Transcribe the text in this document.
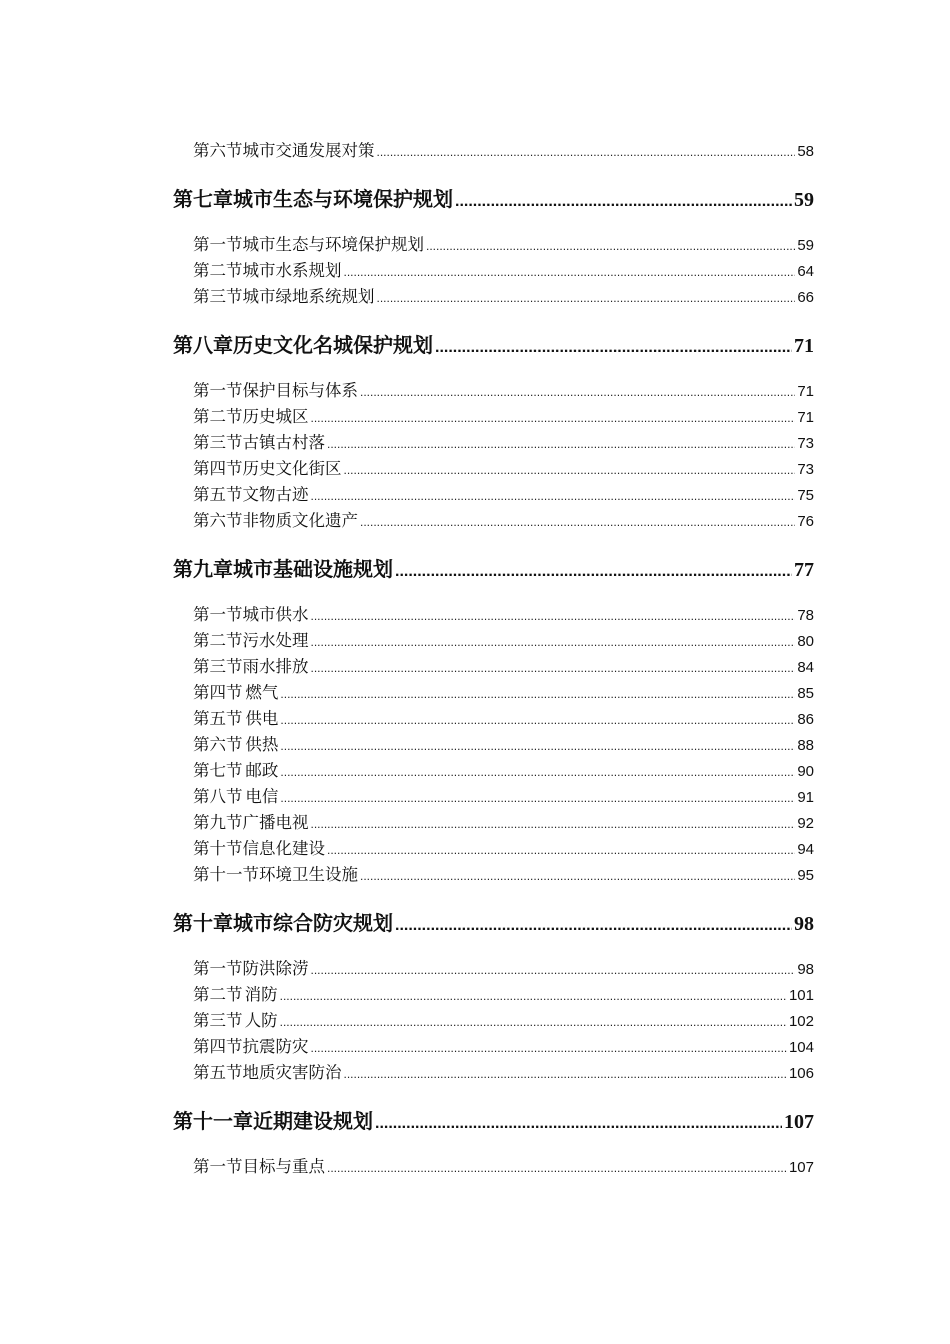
第六节 城市交通发展对策 .....	58
第七章 城市生态与环境保护规划 .....	59
第一节 城市生态与环境保护规划 .....	59
第二节 城市水系规划 .....	64
第三节 城市绿地系统规划 .....	66
第八章 历史文化名城保护规划 .....	71
第一节 保护目标与体系 .....	71
第二节 历史城区 .....	71
第三节 古镇古村落 .....	73
第四节 历史文化街区 .....	73
第五节 文物古迹 .....	75
第六节 非物质文化遗产 .....	76
第九章 城市基础设施规划 .....	77
第一节 城市供水 .....	78
第二节 污水处理 .....	80
第三节 雨水排放 .....	84
第四节 燃气 .....	85
第五节 供电 .....	86
第六节 供热 .....	88
第七节 邮政 .....	90
第八节 电信 .....	91
第九节 广播电视 .....	92
第十节 信息化建设 .....	94
第十一节 环境卫生设施 .....	95
第十章 城市综合防灾规划 .....	98
第一节 防洪除涝 .....	98
第二节 消防 .....	101
第三节 人防 .....	102
第四节 抗震防灾 .....	104
第五节 地质灾害防治 .....	106
第十一章 近期建设规划 .....	107
第一节 目标与重点 .....	107
